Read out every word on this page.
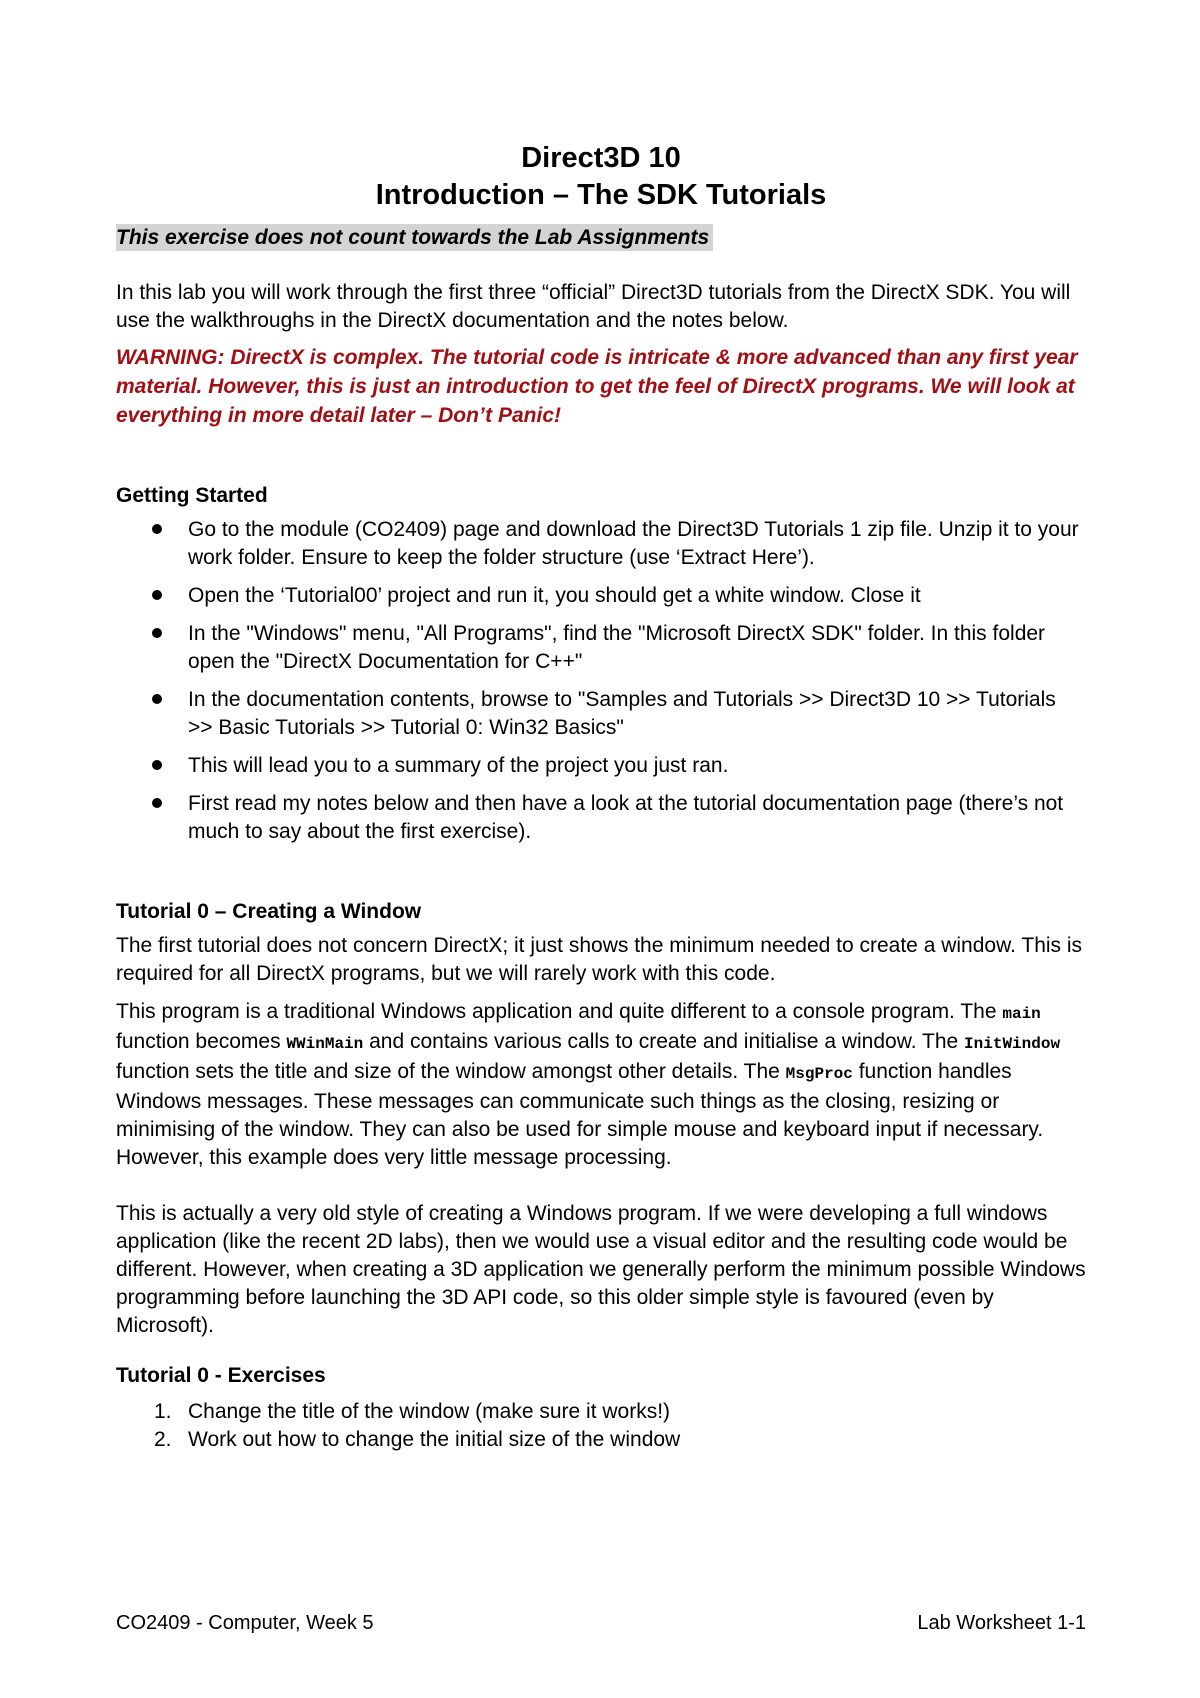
Direct3D 10
Introduction – The SDK Tutorials
This exercise does not count towards the Lab Assignments

In this lab you will work through the first three “official” Direct3D tutorials from the DirectX SDK. You will use the walkthroughs in the DirectX documentation and the notes below.

WARNING: DirectX is complex. The tutorial code is intricate & more advanced than any first year material. However, this is just an introduction to get the feel of DirectX programs. We will look at everything in more detail later – Don’t Panic!

Getting Started
Go to the module (CO2409) page and download the Direct3D Tutorials 1 zip file. Unzip it to your work folder. Ensure to keep the folder structure (use ‘Extract Here’).
Open the ‘Tutorial00’ project and run it, you should get a white window. Close it
In the "Windows" menu, "All Programs", find the "Microsoft DirectX SDK" folder. In this folder open the "DirectX Documentation for C++"
In the documentation contents, browse to "Samples and Tutorials >> Direct3D 10 >> Tutorials >> Basic Tutorials >> Tutorial 0: Win32 Basics"
This will lead you to a summary of the project you just ran.
First read my notes below and then have a look at the tutorial documentation page (there’s not much to say about the first exercise).
Tutorial 0 – Creating a Window

The first tutorial does not concern DirectX; it just shows the minimum needed to create a window. This is required for all DirectX programs, but we will rarely work with this code.

This program is a traditional Windows application and quite different to a console program. The main function becomes WWinMain and contains various calls to create and initialise a window. The InitWindow function sets the title and size of the window amongst other details. The MsgProc function handles Windows messages. These messages can communicate such things as the closing, resizing or minimising of the window. They can also be used for simple mouse and keyboard input if necessary. However, this example does very little message processing.

This is actually a very old style of creating a Windows program. If we were developing a full windows application (like the recent 2D labs), then we would use a visual editor and the resulting code would be different. However, when creating a 3D application we generally perform the minimum possible Windows programming before launching the 3D API code, so this older simple style is favoured (even by Microsoft).

Tutorial 0 - Exercises
1. Change the title of the window (make sure it works!)
2. Work out how to change the initial size of the window
CO2409 - Computer, Week 5	Lab Worksheet 1-1
